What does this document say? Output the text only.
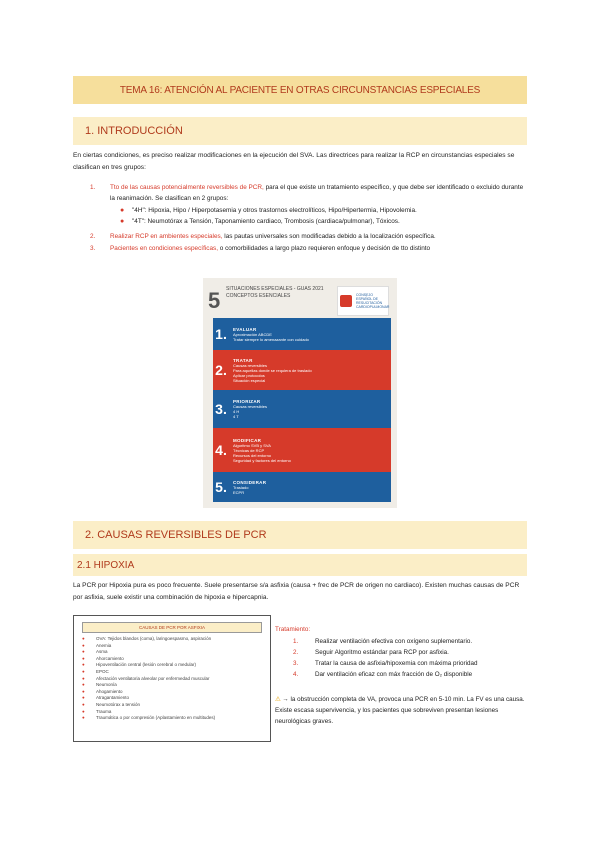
TEMA 16: ATENCIÓN AL PACIENTE EN OTRAS CIRCUNSTANCIAS ESPECIALES
1. INTRODUCCIÓN
En ciertas condiciones, es preciso realizar modificaciones en la ejecución del SVA. Las directrices para realizar la RCP en circunstancias especiales se clasifican en tres grupos:
1.	Tto de las causas potencialmente reversibles de PCR, para el que existe un tratamiento específico, y que debe ser identificado o excluido durante la reanimación. Se clasifican en 2 grupos:
●	"4H": Hipoxia, Hipo / Hiperpotasemia y otros trastornos electrolíticos, Hipo/Hipertermia, Hipovolemia.
●	"4T": Neumotórax a Tensión, Taponamiento cardiaco, Trombosis (cardiaca/pulmonar), Tóxicos.
2.	Realizar RCP en ambientes especiales, las pautas universales son modificadas debido a la localización específica.
3.	Pacientes en condiciones específicas, o comorbilidades a largo plazo requieren enfoque y decisión de tto distinto
5 SITUACIONES ESPECIALES - GUAS 2021
CONCEPTOS ESENCIALES	CONSEJO ESPAÑOL DE RESUCITACIÓN CARDIOPULMONAR
1.	EVALUAR
Aproximación ABCDE
Tratar siempre lo amenazante con cuidado
2.
TRATAR
Causas reversibles
Para aquellas donde se requiera de traslado
Aplicar protocolos
Situación especial
3.	PRIORIZAR
Causas reversibles
4 H
4 T
4.
MODIFICAR
Algoritmo SVB y SVA
Técnicas de RCP
Recursos del entorno
Seguridad y factores del entorno
5.	CONSIDERAR
Traslado
ECPR
2. CAUSAS REVERSIBLES DE PCR
2.1 HIPOXIA
La PCR por Hipoxia pura es poco frecuente. Suele presentarse s/a asfixia (causa + frec de PCR de origen no cardiaco). Existen muchas causas de PCR por asfixia, suele existir una combinación de hipoxia e hipercapnia.
CAUSAS DE PCR POR ASFIXIA
●	OVA: Tejidos blandos (coma), laringoespasmo, aspiración
●	Anemia
●	Asma
●	Ahorcamiento
●	Hipoventilación central (lesión cerebral o medular)
●	EPOC
●	Afectación ventilatoria alveolar por enfermedad muscular
●	Neumonía
●	Ahogamiento
●	Atragantamiento
●	Neumotórax a tensión
●	Trauma
●	Traumática o por compresión (Aplastamiento en multitudes)
Tratamiento:
1.	Realizar ventilación efectiva con oxígeno suplementario.
2.	Seguir Algoritmo estándar para RCP por asfixia.
3.	Tratar la causa de asfixia/hipoxemia con máxima prioridad
4.	Dar ventilación eficaz con máx fracción de O₂ disponible
⚠ → la obstrucción completa de VA, provoca una PCR en 5-10 min. La FV es una causa. Existe escasa supervivencia, y los pacientes que sobreviven presentan lesiones neurológicas graves.
